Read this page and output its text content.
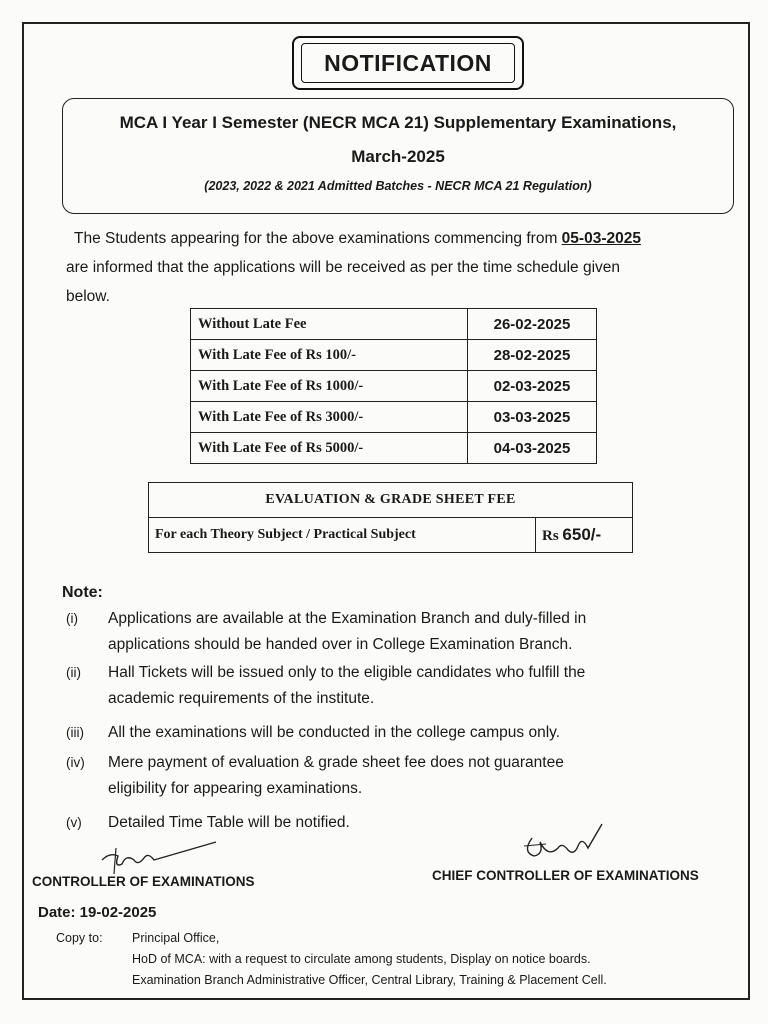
NOTIFICATION
MCA I Year I Semester (NECR MCA 21) Supplementary Examinations,
March-2025
(2023, 2022 & 2021 Admitted Batches - NECR MCA 21 Regulation)
The Students appearing for the above examinations commencing from 05-03-2025
are informed that the applications will be received as per the time schedule given
below.
Without Late Fee	26-02-2025
With Late Fee of Rs 100/-	28-02-2025
With Late Fee of Rs 1000/-	02-03-2025
With Late Fee of Rs 3000/-	03-03-2025
With Late Fee of Rs 5000/-	04-03-2025
EVALUATION & GRADE SHEET FEE
For each Theory Subject / Practical Subject	Rs 650/-
Note:
(i) Applications are available at the Examination Branch and duly-filled in
applications should be handed over in College Examination Branch.
(ii) Hall Tickets will be issued only to the eligible candidates who fulfill the
academic requirements of the institute.
(iii) All the examinations will be conducted in the college campus only.
(iv) Mere payment of evaluation & grade sheet fee does not guarantee
eligibility for appearing examinations.
(v) Detailed Time Table will be notified.
CONTROLLER OF EXAMINATIONS	CHIEF CONTROLLER OF EXAMINATIONS
Date: 19-02-2025
Copy to: Principal Office,
HoD of MCA: with a request to circulate among students, Display on notice boards.
Examination Branch Administrative Officer, Central Library, Training & Placement Cell.
